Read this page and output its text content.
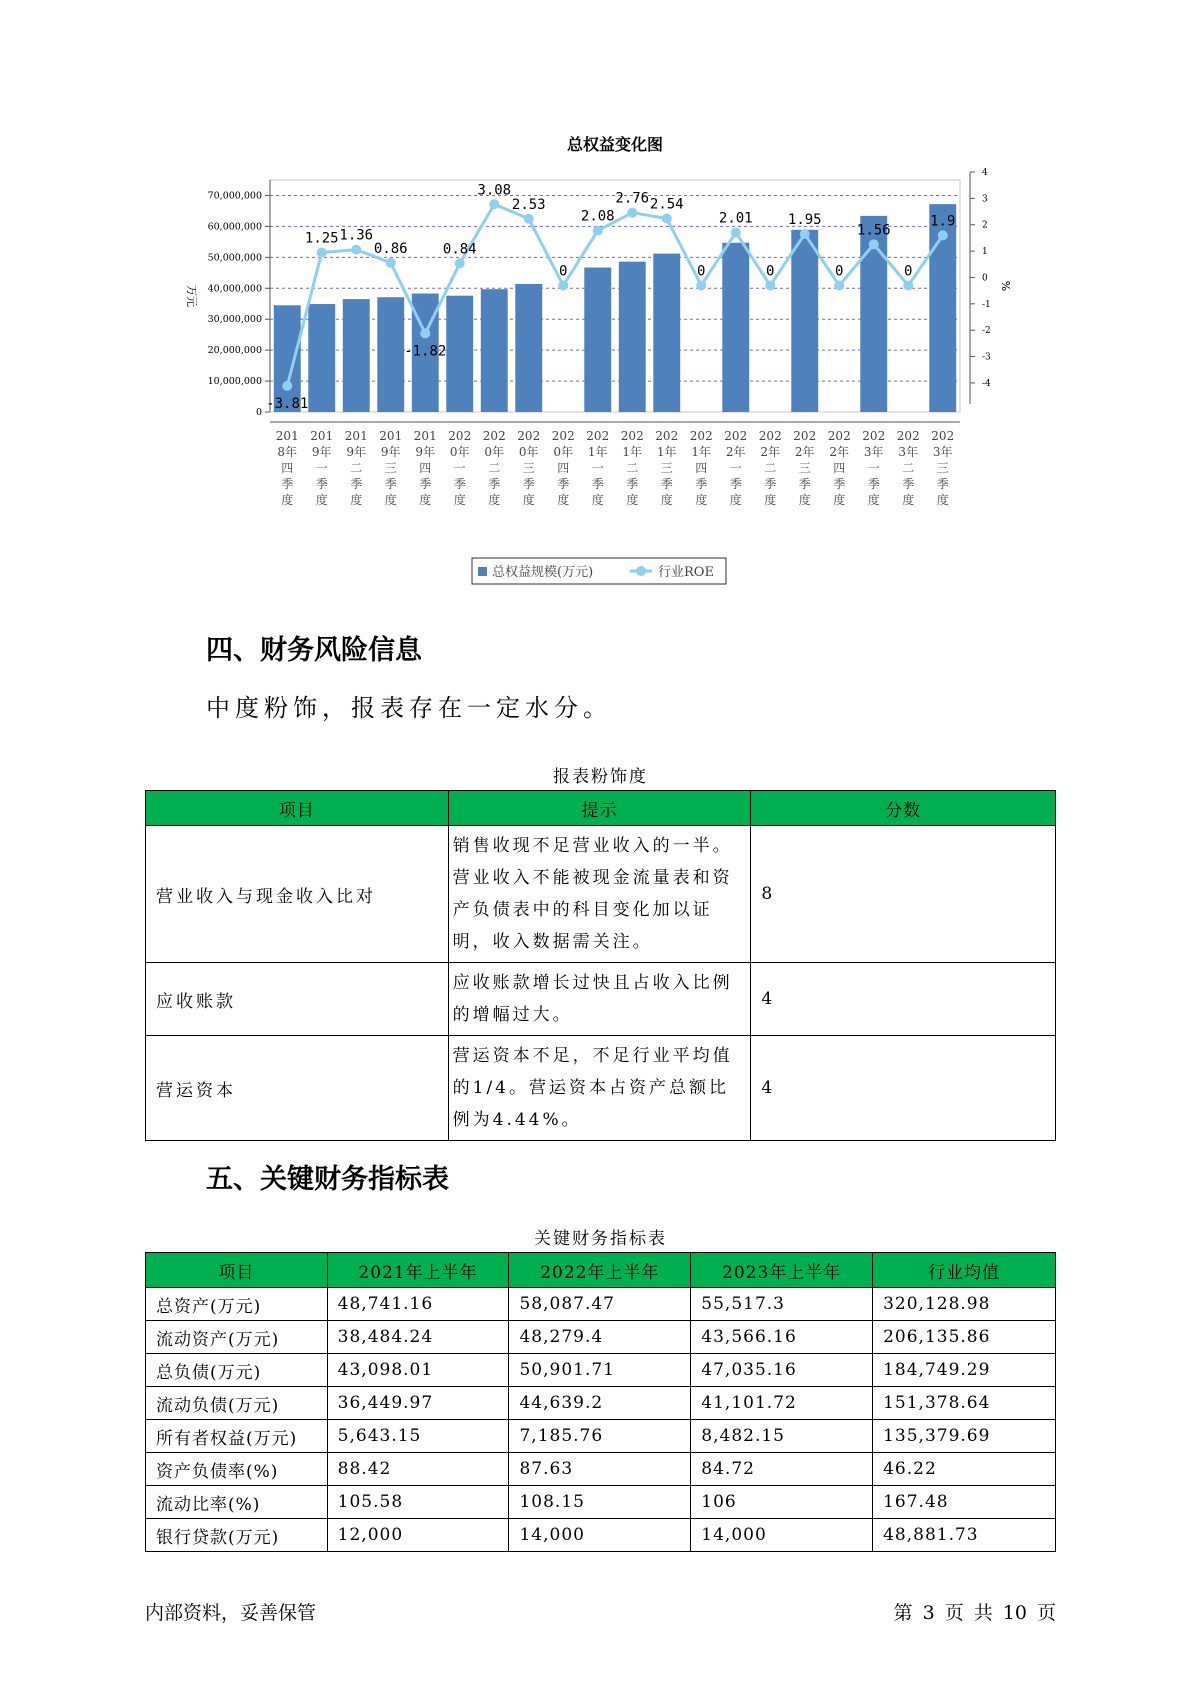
总权益变化图
0
10,000,000
20,000,000
30,000,000
40,000,000
50,000,000
60,000,000
70,000,000
万元
-4
-3
-2
-1
0
1
2
3
4
%
-3.81
1.25 1.36
0.86
-1.82
0.84
3.08
2.53
0
2.08
2.76 2.54
0
2.01
0
1.95
0
1.56
0
1.9
201
8年
四
季
度
201
9年
一
季
度
201
9年
二
季
度
201
9年
三
季
度
201
9年
四
季
度
202
0年
一
季
度
202
0年
二
季
度
202
0年
三
季
度
202
0年
四
季
度
202
1年
一
季
度
202
1年
二
季
度
202
1年
三
季
度
202
1年
四
季
度
202
2年
一
季
度
202
2年
二
季
度
202
2年
三
季
度
202
2年
四
季
度
202
3年
一
季
度
202
3年
二
季
度
202
3年
三
季
度
总权益规模(万元)	行业ROE
四、财务风险信息
中度粉饰，报表存在一定水分。
报表粉饰度
项目	提示	分数
营业收入与现金收入比对	销售收现不足营业收入的一半。营业收入不能被现金流量表和资产负债表中的科目变化加以证明，收入数据需关注。	8
应收账款	应收账款增长过快且占收入比例的增幅过大。	4
营运资本	营运资本不足，不足行业平均值的1/4。营运资本占资产总额比例为4.44%。	4
五、关键财务指标表
关键财务指标表
项目	2021年上半年	2022年上半年	2023年上半年	行业均值
总资产(万元)	48,741.16	58,087.47	55,517.3	320,128.98
流动资产(万元)	38,484.24	48,279.4	43,566.16	206,135.86
总负债(万元)	43,098.01	50,901.71	47,035.16	184,749.29
流动负债(万元)	36,449.97	44,639.2	41,101.72	151,378.64
所有者权益(万元)	5,643.15	7,185.76	8,482.15	135,379.69
资产负债率(%)	88.42	87.63	84.72	46.22
流动比率(%)	105.58	108.15	106	167.48
银行贷款(万元)	12,000	14,000	14,000	48,881.73
内部资料，妥善保管	第 3 页 共 10 页
